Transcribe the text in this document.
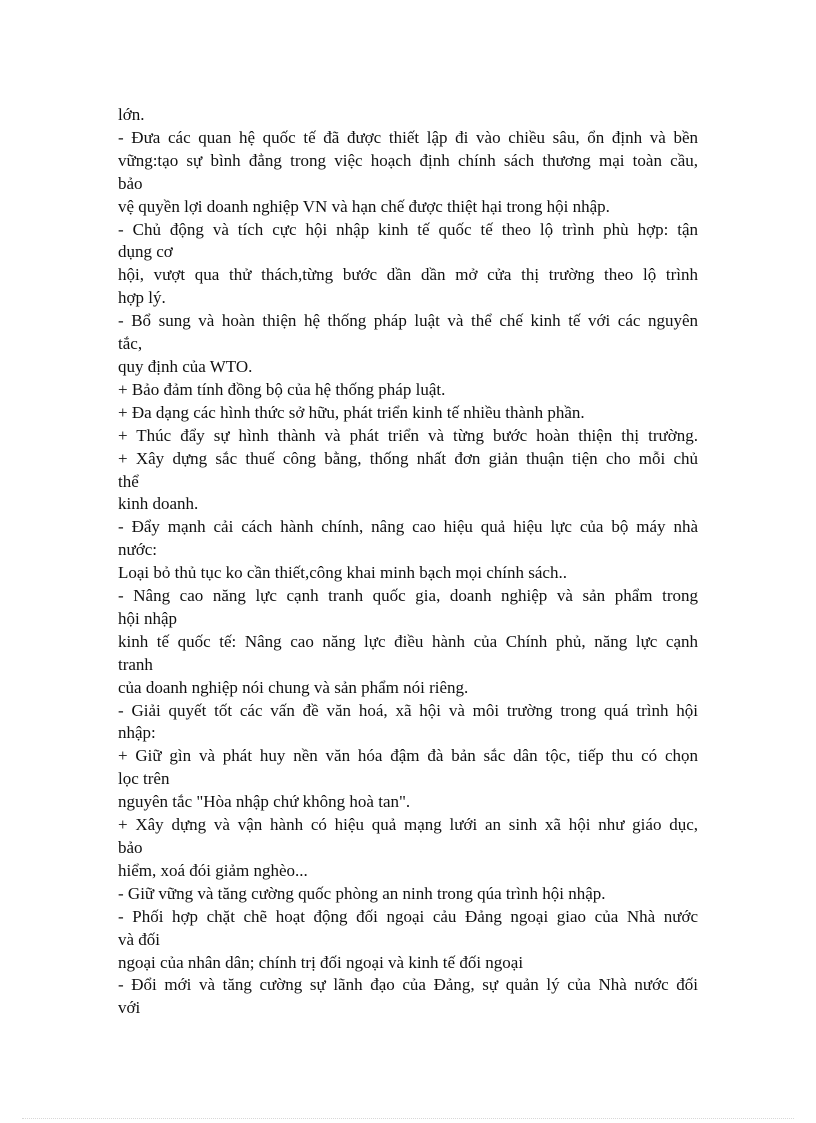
lớn.

- Đưa các quan hệ quốc tế đã được thiết lập đi vào chiều sâu, ổn định và bền

vững:tạo sự bình đẳng trong việc hoạch định chính sách thương mại toàn cầu,

bảo

vệ quyền lợi doanh nghiệp VN và hạn chế được thiệt hại trong hội nhập.

- Chủ động và tích cực hội nhập kinh tế quốc tế theo lộ trình phù hợp: tận

dụng cơ

hội, vượt qua thử thách,từng bước dần dần mở cửa thị trường theo lộ trình

hợp lý.

- Bổ sung và hoàn thiện hệ thống pháp luật và thể chế kinh tế với các nguyên

tắc,

quy định của WTO.

+ Bảo đảm tính đồng bộ của hệ thống pháp luật.

+ Đa dạng các hình thức sở hữu, phát triển kinh tế nhiều thành phần.

+ Thúc đẩy sự hình thành và phát triển và từng bước hoàn thiện thị trường.

+ Xây dựng sắc thuế công bằng, thống nhất đơn giản thuận tiện cho mỗi chủ

thể

kinh doanh.

- Đẩy mạnh cải cách hành chính, nâng cao hiệu quả hiệu lực của bộ máy nhà

nước:

Loại bỏ thủ tục ko cần thiết,công khai minh bạch mọi chính sách..

- Nâng cao năng lực cạnh tranh quốc gia, doanh nghiệp và sản phẩm trong

hội nhập

kinh tế quốc tế: Nâng cao năng lực điều hành của Chính phủ, năng lực cạnh

tranh

của doanh nghiệp nói chung và sản phẩm nói riêng.

- Giải quyết tốt các vấn đề văn hoá, xã hội và môi trường trong quá trình hội

nhập:

+ Giữ gìn và phát huy nền văn hóa đậm đà bản sắc dân tộc, tiếp thu có chọn

lọc trên

nguyên tắc "Hòa nhập chứ không hoà tan".

+ Xây dựng và vận hành có hiệu quả mạng lưới an sinh xã hội như giáo dục,

bảo

hiểm, xoá đói giảm nghèo...

- Giữ vững và tăng cường quốc phòng an ninh trong qúa trình hội nhập.

- Phối hợp chặt chẽ hoạt động đối ngoại cảu Đảng ngoại giao của Nhà nước

và đối

ngoại của nhân dân; chính trị đối ngoại và kinh tế đối ngoại

- Đổi mới và tăng cường sự lãnh đạo của Đảng, sự quản lý của Nhà nước đối

với
